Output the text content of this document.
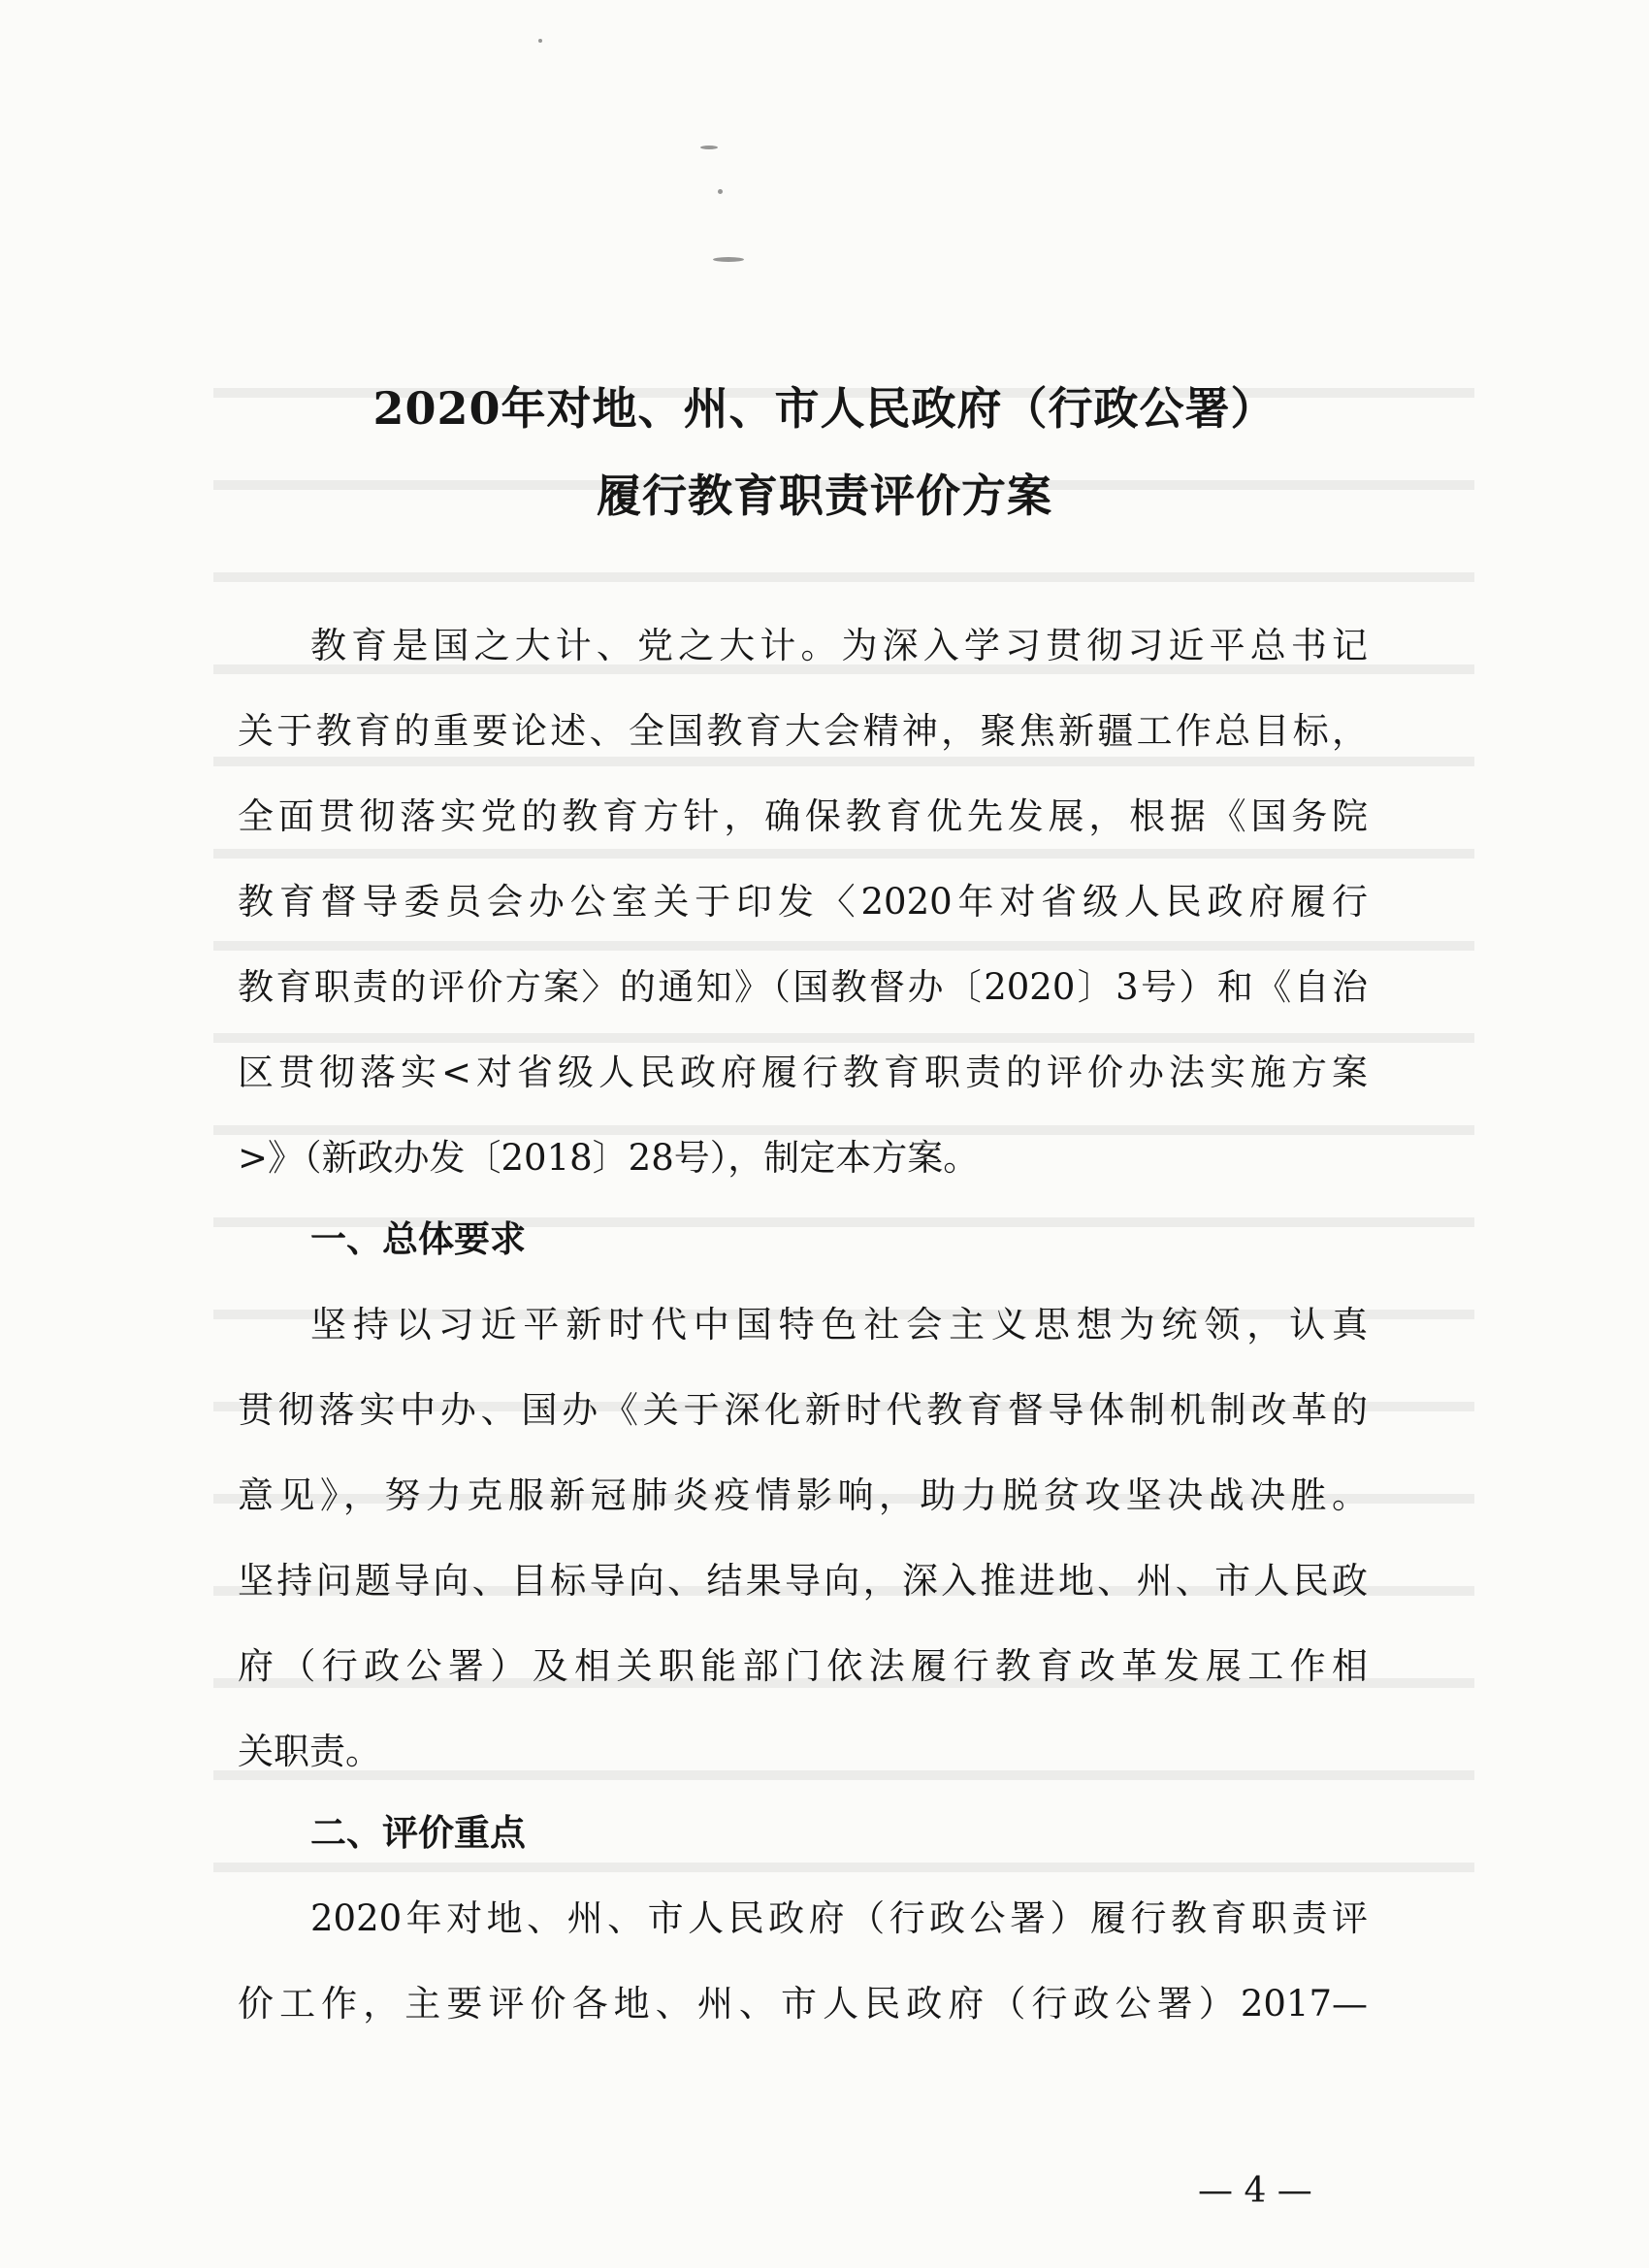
2020年对地、州、市人民政府（行政公署）
履行教育职责评价方案
教育是国之大计、党之大计。为深入学习贯彻习近平总书记
关于教育的重要论述、全国教育大会精神，聚焦新疆工作总目标，
全面贯彻落实党的教育方针，确保教育优先发展，根据《国务院
教育督导委员会办公室关于印发〈2020年对省级人民政府履行
教育职责的评价方案〉的通知》（国教督办〔2020〕3号）和《自治
区贯彻落实<对省级人民政府履行教育职责的评价办法实施方案
>》（新政办发〔2018〕28号），制定本方案。
一、总体要求
坚持以习近平新时代中国特色社会主义思想为统领，认真
贯彻落实中办、国办《关于深化新时代教育督导体制机制改革的
意见》，努力克服新冠肺炎疫情影响，助力脱贫攻坚决战决胜。
坚持问题导向、目标导向、结果导向，深入推进地、州、市人民政
府（行政公署）及相关职能部门依法履行教育改革发展工作相
关职责。
二、评价重点
2020年对地、州、市人民政府（行政公署）履行教育职责评
价工作，主要评价各地、州、市人民政府（行政公署）2017—
— 4 —
